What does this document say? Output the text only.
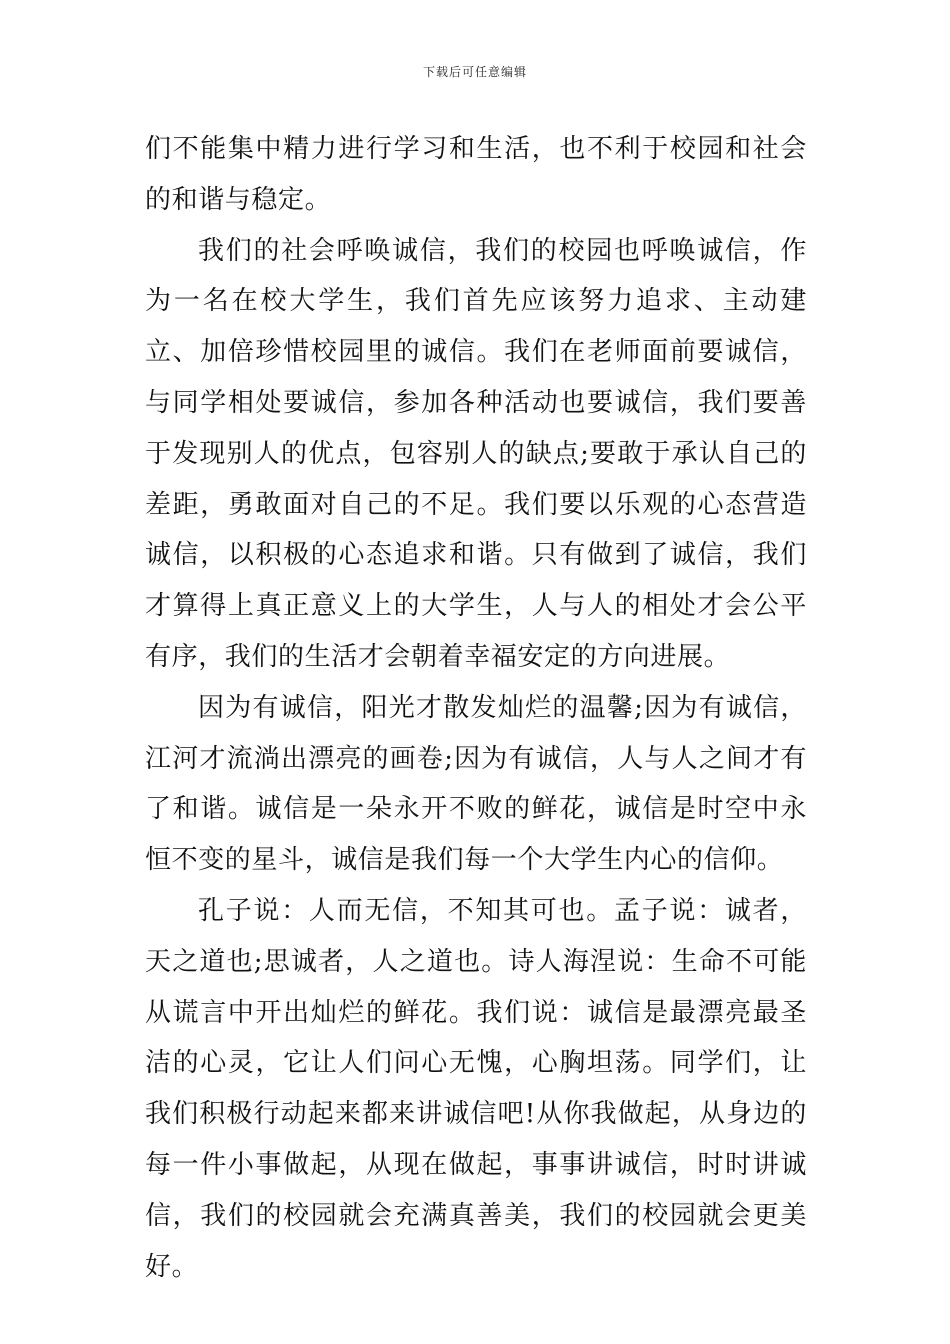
下载后可任意编辑

们不能集中精力进行学习和生活，也不利于校园和社会的和谐与稳定。

我们的社会呼唤诚信，我们的校园也呼唤诚信，作为一名在校大学生，我们首先应该努力追求、主动建立、加倍珍惜校园里的诚信。我们在老师面前要诚信，与同学相处要诚信，参加各种活动也要诚信，我们要善于发现别人的优点，包容别人的缺点;要敢于承认自己的差距，勇敢面对自己的不足。我们要以乐观的心态营造诚信，以积极的心态追求和谐。只有做到了诚信，我们才算得上真正意义上的大学生，人与人的相处才会公平有序，我们的生活才会朝着幸福安定的方向进展。

因为有诚信，阳光才散发灿烂的温馨;因为有诚信，江河才流淌出漂亮的画卷;因为有诚信，人与人之间才有了和谐。诚信是一朵永开不败的鲜花，诚信是时空中永恒不变的星斗，诚信是我们每一个大学生内心的信仰。

孔子说：人而无信，不知其可也。孟子说：诚者，天之道也;思诚者，人之道也。诗人海涅说：生命不可能从谎言中开出灿烂的鲜花。我们说：诚信是最漂亮最圣洁的心灵，它让人们问心无愧，心胸坦荡。同学们，让我们积极行动起来都来讲诚信吧!从你我做起，从身边的每一件小事做起，从现在做起，事事讲诚信，时时讲诚信，我们的校园就会充满真善美，我们的校园就会更美好。
